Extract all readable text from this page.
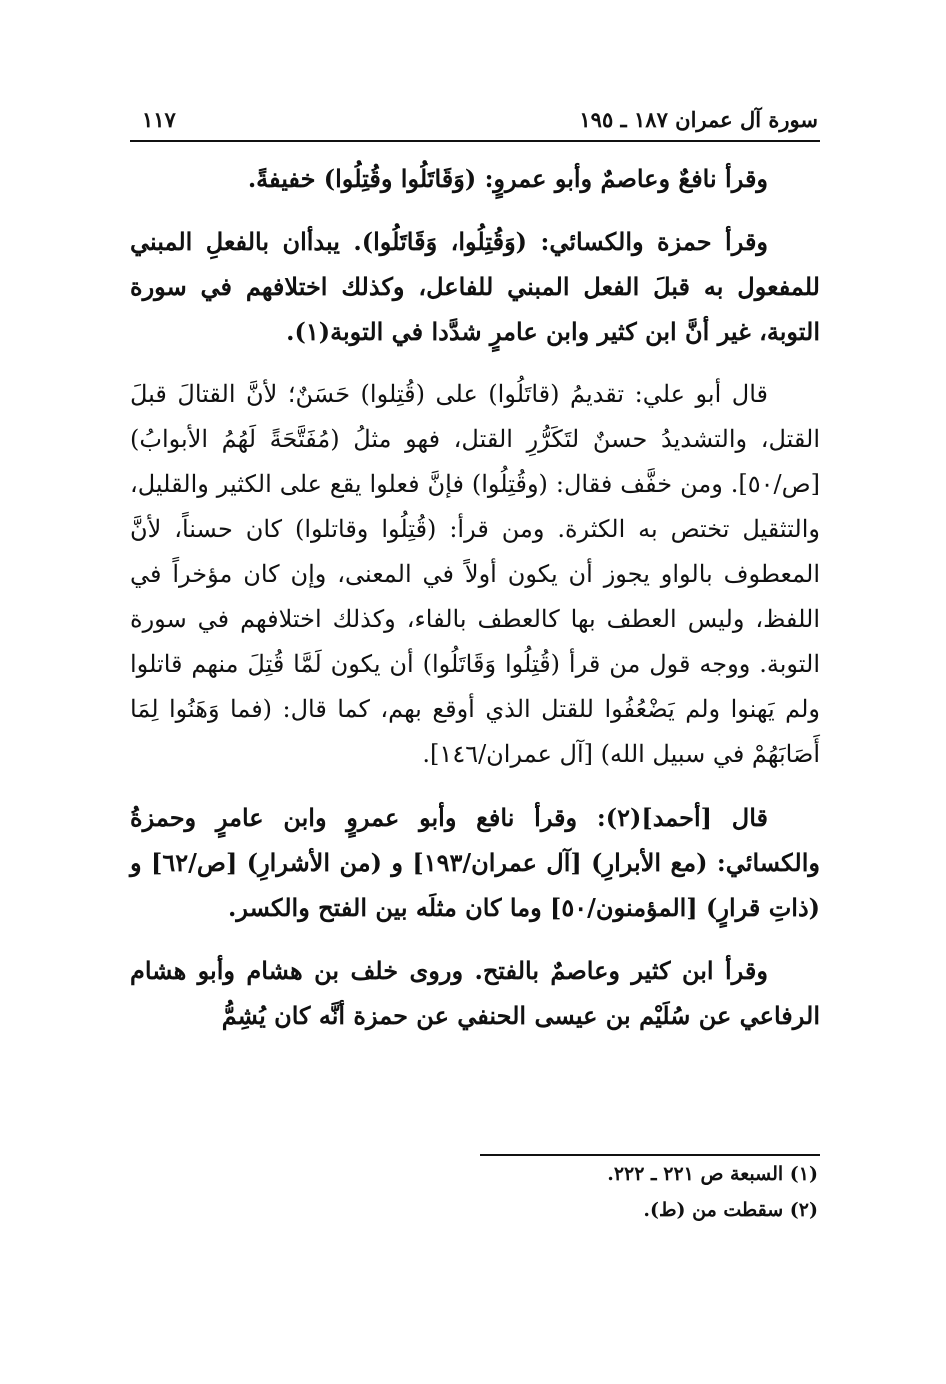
سورة آل عمران ١٨٧ ـ ١٩٥
١١٧

وقرأ نافعٌ وعاصمٌ وأبو عمروٍ: (وَقَاتَلُوا وقُتِلُوا) خفيفةً.

وقرأ حمزة والكسائي: (وَقُتِلُوا، وَقَاتَلُوا). يبدأان بالفعلِ المبني للمفعول به قبلَ الفعل المبني للفاعل، وكذلك اختلافهم في سورة التوبة، غير أنَّ ابن كثير وابن عامرٍ شدَّدا في التوبة(١).

قال أبو علي: تقديمُ (قاتَلُوا) على (قُتِلوا) حَسَنٌ؛ لأنَّ القتالَ قبلَ القتل، والتشديدُ حسنٌ لتَكَرُّرِ القتل، فهو مثلُ (مُفَتَّحَةً لَهُمُ الأبوابُ) [ص/٥٠]. ومن خفَّف فقال: (وقُتِلُوا) فإنَّ فعلوا يقع على الكثير والقليل، والتثقيل تختص به الكثرة. ومن قرأ: (قُتِلُوا وقاتلوا) كان حسناً، لأنَّ المعطوف بالواو يجوز أن يكون أولاً في المعنى، وإن كان مؤخراً في اللفظ، وليس العطف بها كالعطف بالفاء، وكذلك اختلافهم في سورة التوبة. ووجه قول من قرأ (قُتِلُوا وَقَاتَلُوا) أن يكون لَمَّا قُتِلَ منهم قاتلوا ولم يَهنوا ولم يَضْعُفُوا للقتل الذي أوقع بهم، كما قال: (فما وَهَنُوا لِمَا أَصَابَهُمْ في سبيل الله) [آل عمران/١٤٦].

قال [أحمد](٢): وقرأ نافع وأبو عمروٍ وابن عامرٍ وحمزةُ والكسائي: (مع الأبرارِ) [آل عمران/١٩٣] و (من الأشرارِ) [ص/٦٢] و (ذاتِ قرارٍ) [المؤمنون/٥٠] وما كان مثلَه بين الفتح والكسر.

وقرأ ابن كثير وعاصمٌ بالفتح. وروى خلف بن هشام وأبو هشام الرفاعي عن سُلَيْم بن عيسى الحنفي عن حمزة أنَّه كان يُشِمُّ

(١) السبعة ص ٢٢١ ـ ٢٢٢.
(٢) سقطت من (ط).
